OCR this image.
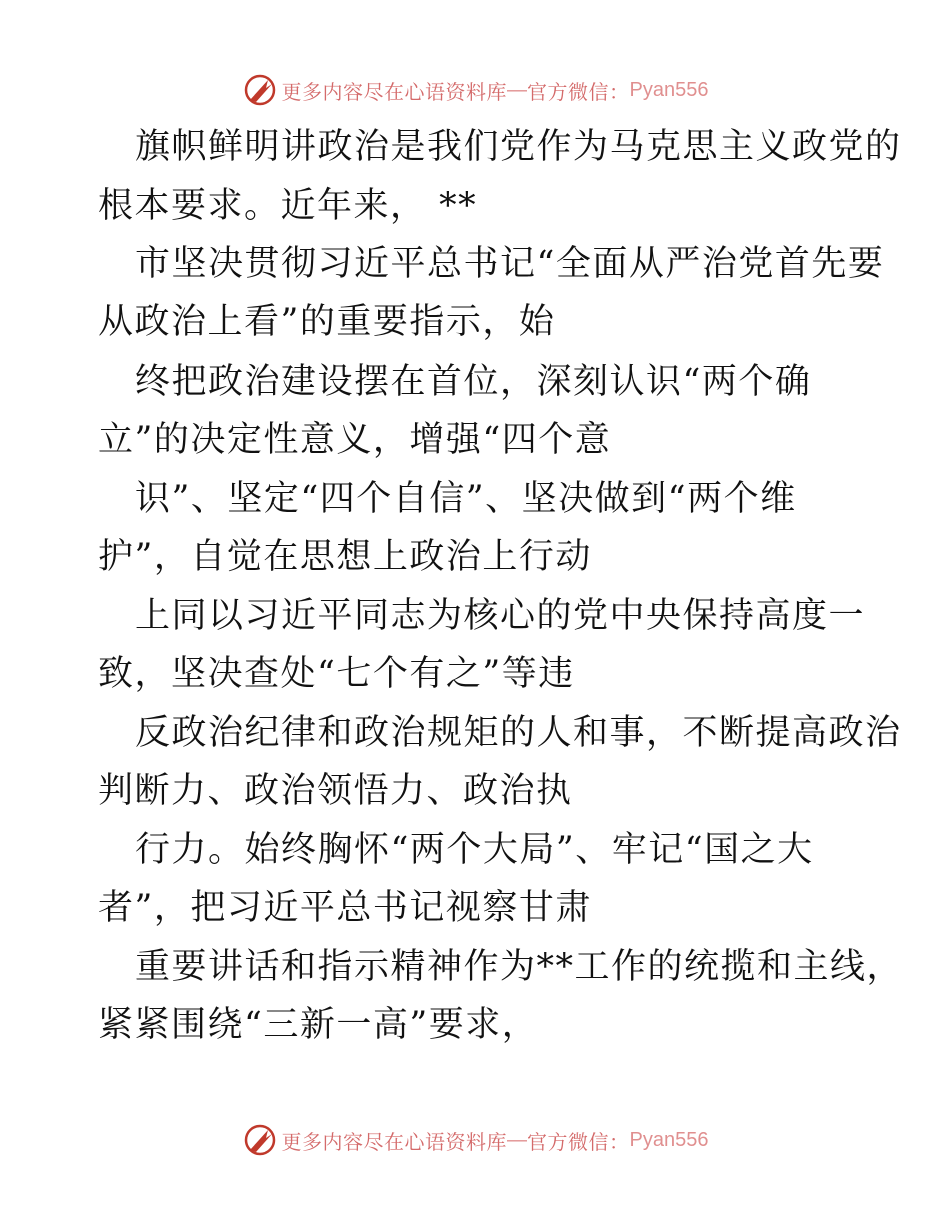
更多内容尽在心语资料库 — 官方微信： Pyan556
旗帜鲜明讲政治是我们党作为马克思主义政党的
根本要求。近年来， **
市坚决贯彻习近平总书记“全面从严治党首先要
从政治上看”的重要指示，始
终把政治建设摆在首位，深刻认识“两个确
立”的决定性意义，增强“四个意
识”、坚定“四个自信”、坚决做到“两个维
护”，自觉在思想上政治上行动
上同以习近平同志为核心的党中央保持高度一
致，坚决查处“七个有之”等违
反政治纪律和政治规矩的人和事，不断提高政治
判断力、政治领悟力、政治执
行力。始终胸怀“两个大局”、牢记“国之大
者”，把习近平总书记视察甘肃
重要讲话和指示精神作为**工作的统揽和主线，
紧紧围绕“三新一高”要求，
更多内容尽在心语资料库 — 官方微信： Pyan556
